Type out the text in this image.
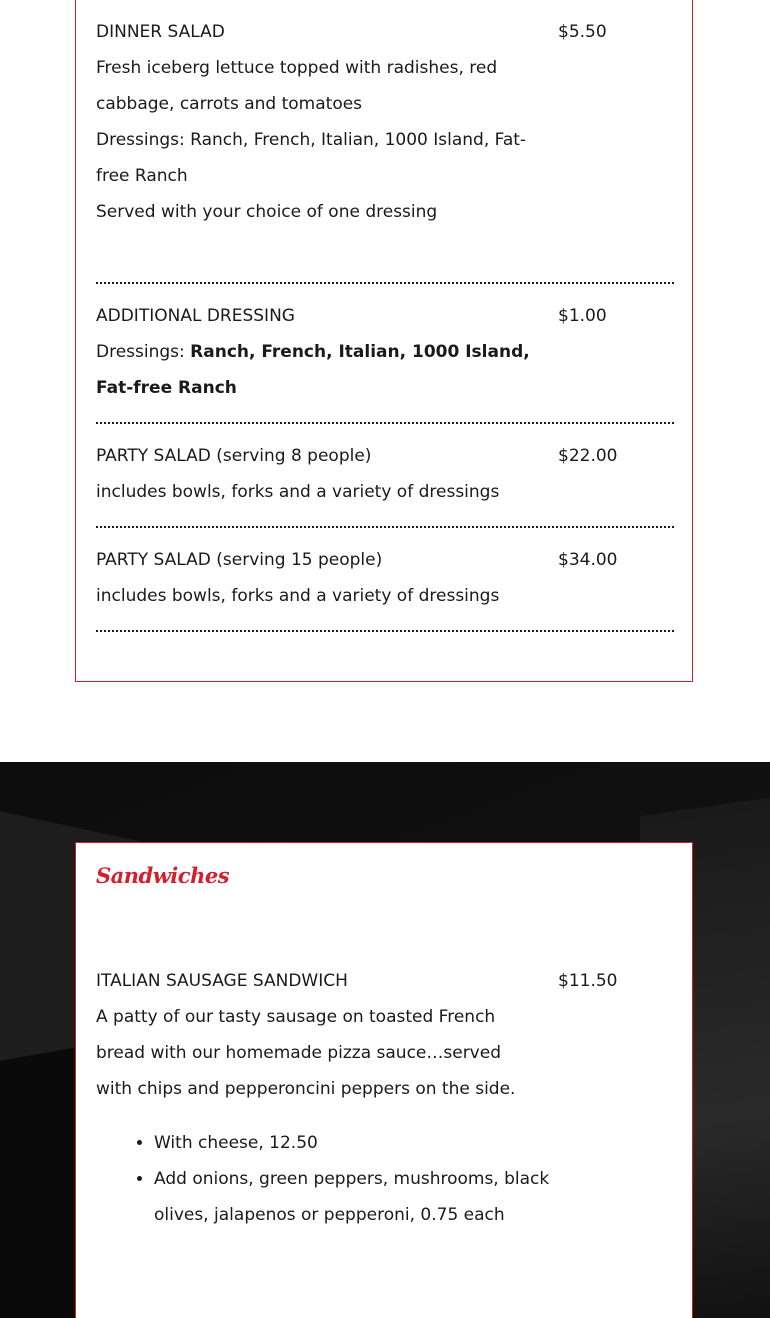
DINNER SALAD	$5.50

Fresh iceberg lettuce topped with radishes, red cabbage, carrots and tomatoes

Dressings: Ranch, French, Italian, 1000 Island, Fat-free Ranch

Served with your choice of one dressing

ADDITIONAL DRESSING	$1.00

Dressings: Ranch, French, Italian, 1000 Island, Fat-free Ranch

PARTY SALAD (serving 8 people)	$22.00

includes bowls, forks and a variety of dressings

PARTY SALAD (serving 15 people)	$34.00

includes bowls, forks and a variety of dressings

Sandwiches
ITALIAN SAUSAGE SANDWICH	$11.50

A patty of our tasty sausage on toasted French bread with our homemade pizza sauce…served with chips and pepperoncini peppers on the side.

• With cheese, 12.50
• Add onions, green peppers, mushrooms, black olives, jalapenos or pepperoni, 0.75 each
